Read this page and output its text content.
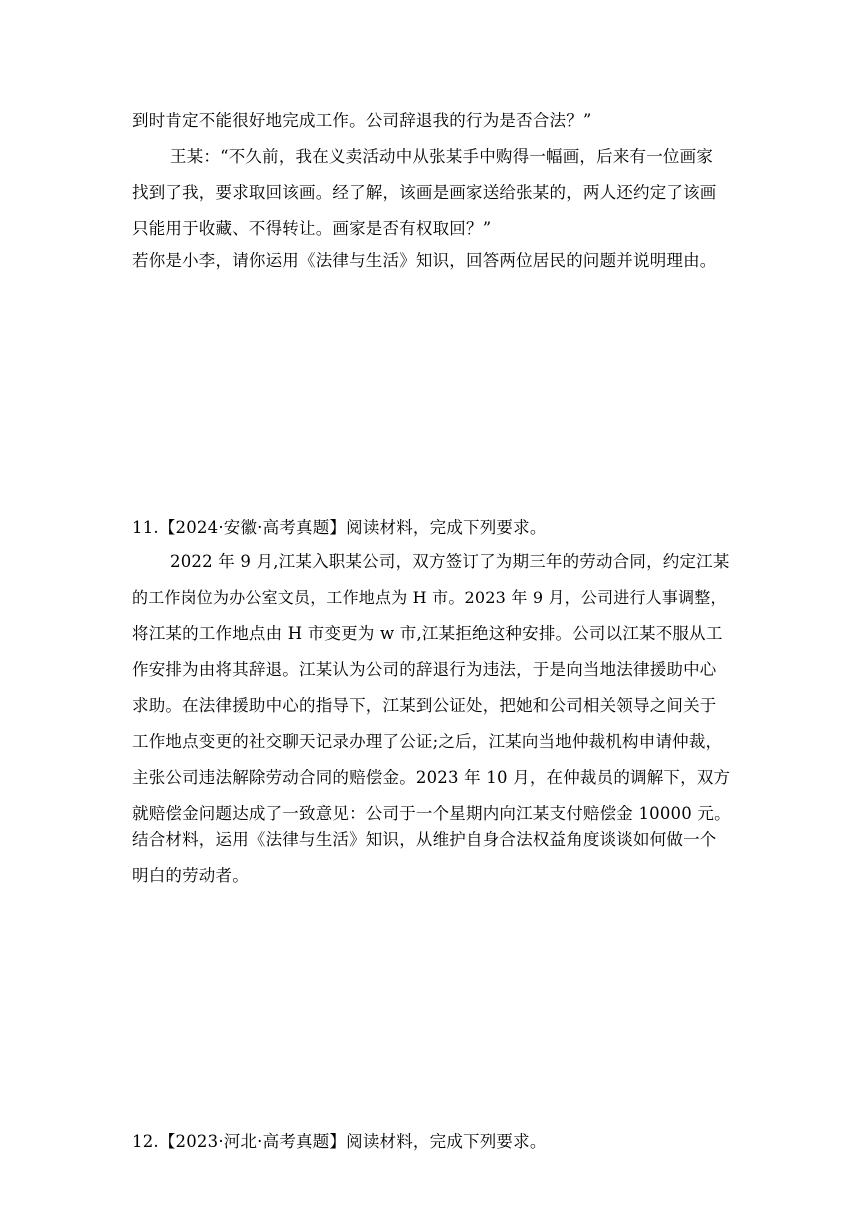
到时肯定不能很好地完成工作。公司辞退我的行为是否合法？”
王某：“不久前，我在义卖活动中从张某手中购得一幅画，后来有一位画家
找到了我，要求取回该画。经了解，该画是画家送给张某的，两人还约定了该画
只能用于收藏、不得转让。画家是否有权取回？”
若你是小李，请你运用《法律与生活》知识，回答两位居民的问题并说明理由。
11.【2024·安徽·高考真题】阅读材料，完成下列要求。
2022 年 9 月,江某入职某公司，双方签订了为期三年的劳动合同，约定江某
的工作岗位为办公室文员，工作地点为 H 市。2023 年 9 月，公司进行人事调整，
将江某的工作地点由 H 市变更为 w 市,江某拒绝这种安排。公司以江某不服从工
作安排为由将其辞退。江某认为公司的辞退行为违法，于是向当地法律援助中心
求助。在法律援助中心的指导下，江某到公证处，把她和公司相关领导之间关于
工作地点变更的社交聊天记录办理了公证;之后，江某向当地仲裁机构申请仲裁，
主张公司违法解除劳动合同的赔偿金。2023 年 10 月，在仲裁员的调解下，双方
就赔偿金问题达成了一致意见：公司于一个星期内向江某支付赔偿金 10000 元。
结合材料，运用《法律与生活》知识，从维护自身合法权益角度谈谈如何做一个
明白的劳动者。
12.【2023·河北·高考真题】阅读材料，完成下列要求。
